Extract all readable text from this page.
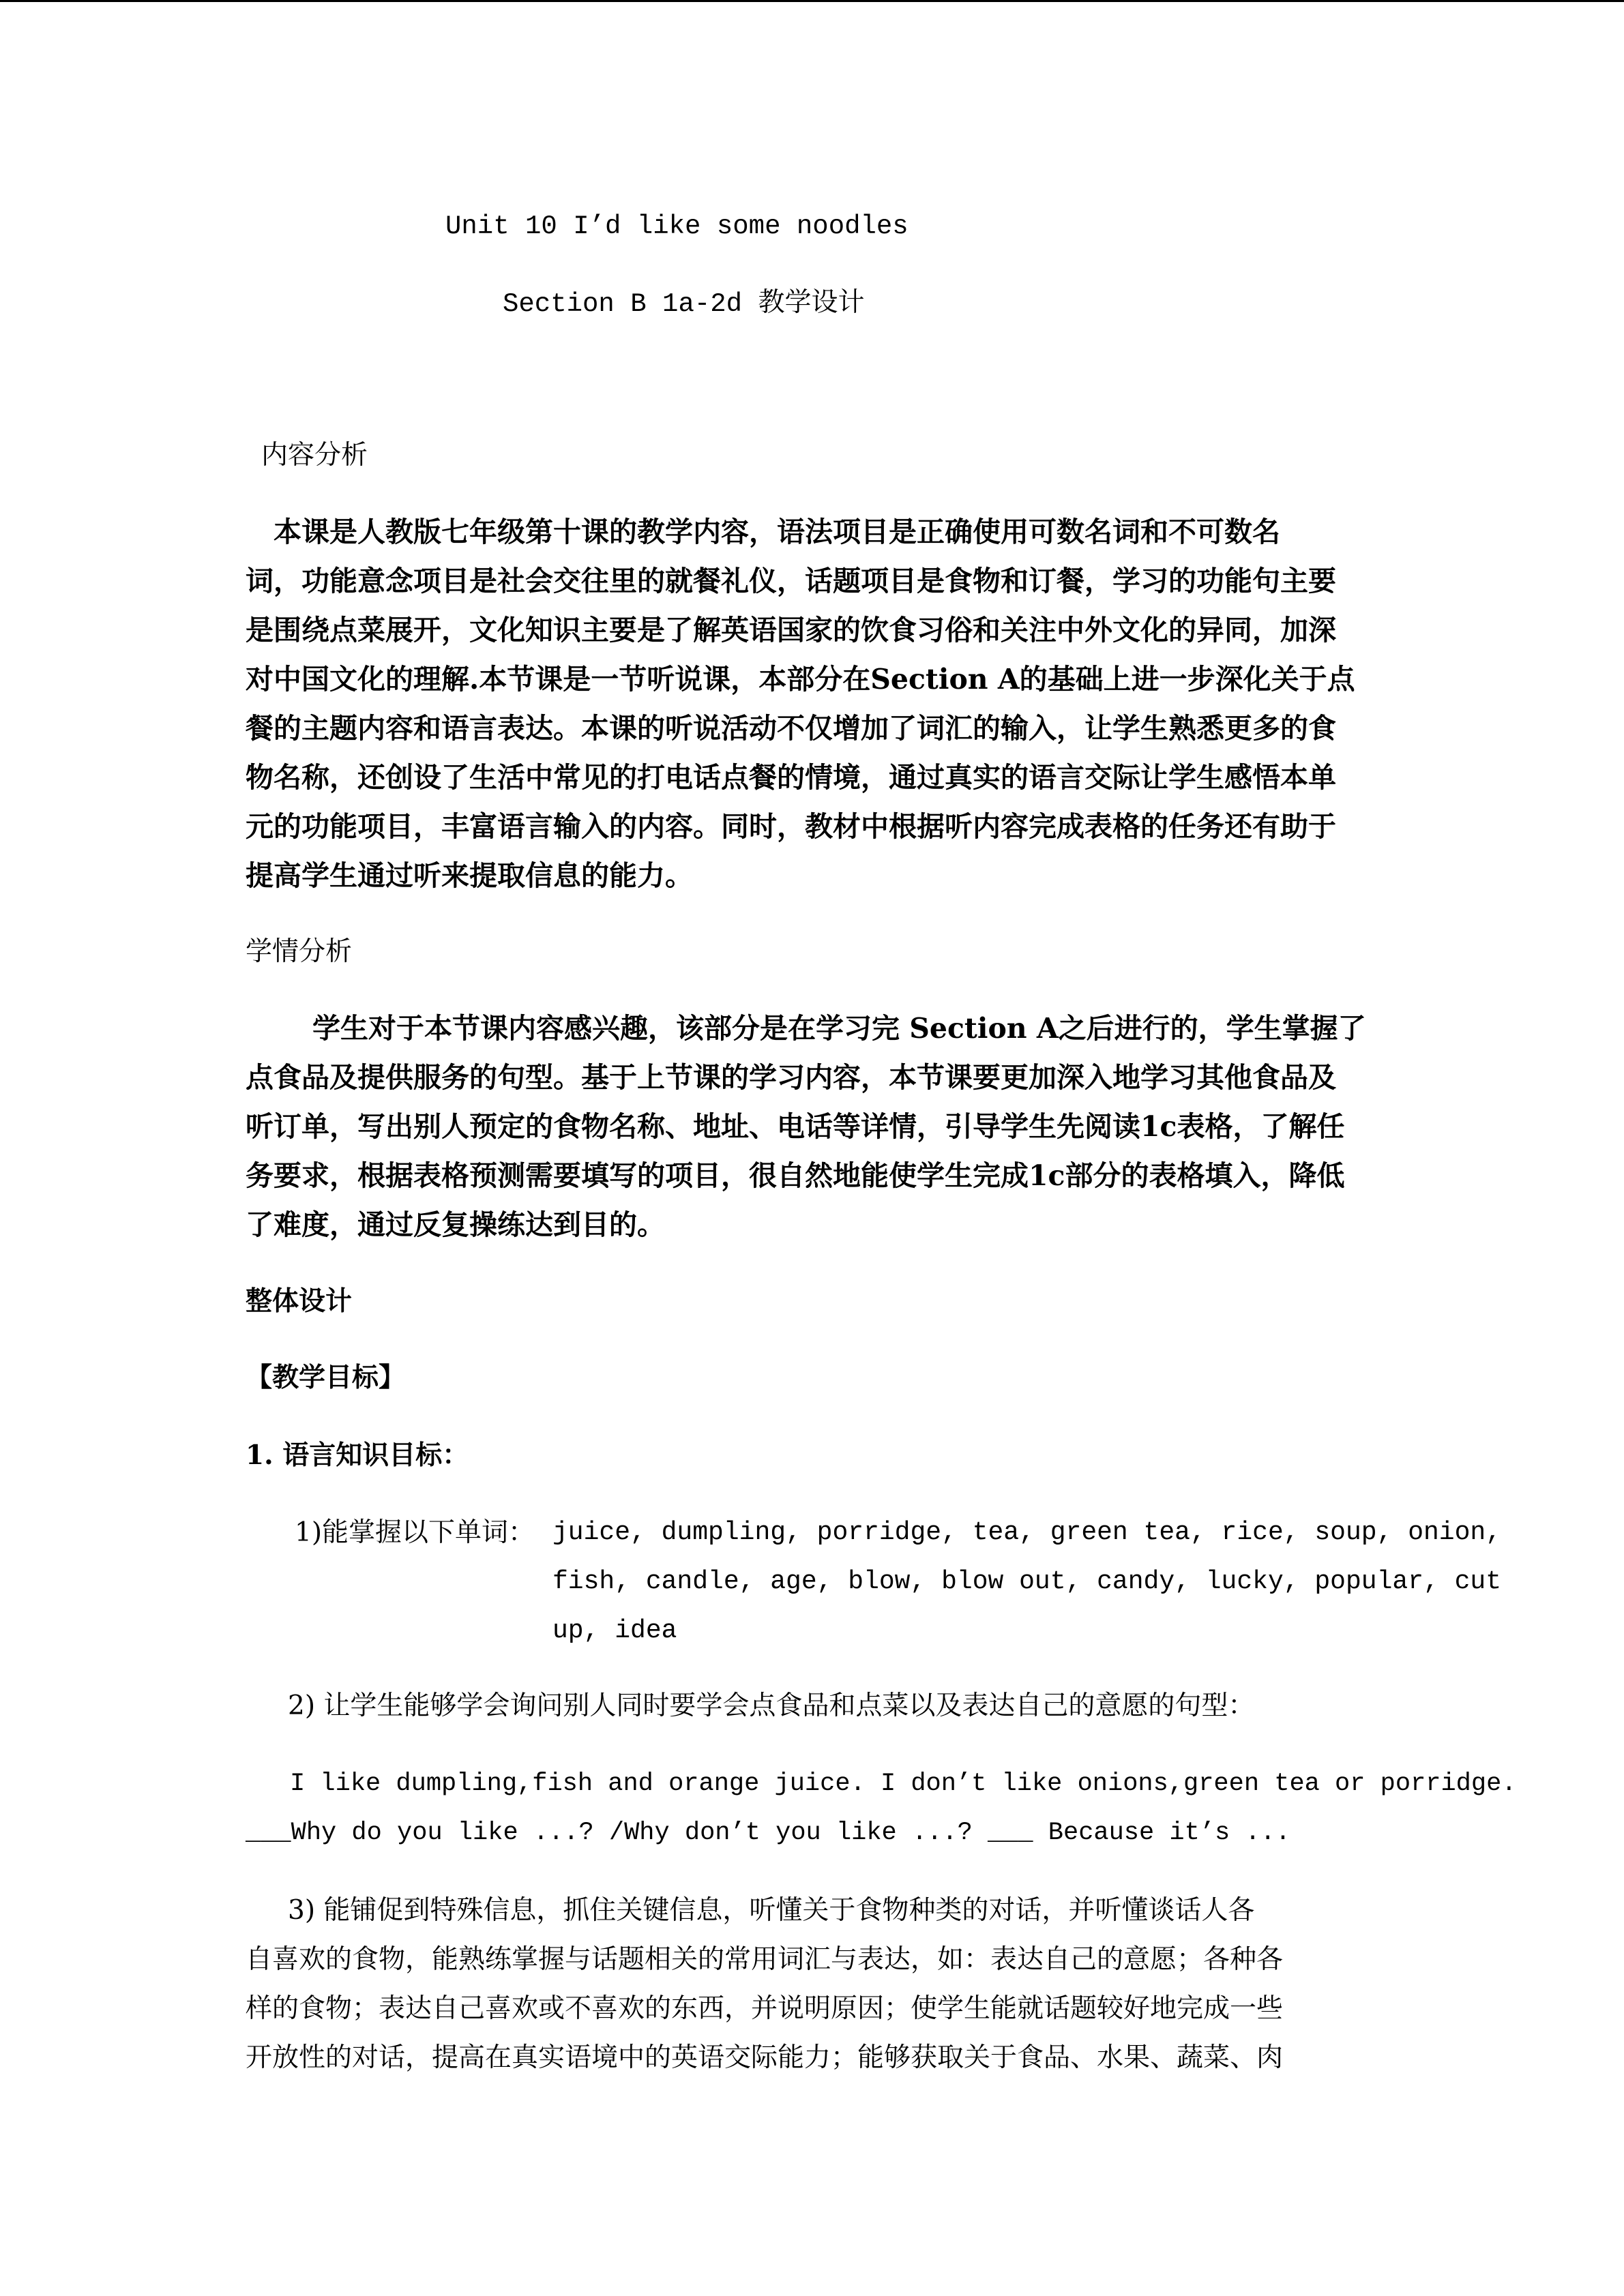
Unit 10 I’d like some noodles
Section B 1a-2d 教学设计
内容分析
　本课是人教版七年级第十课的教学内容，语法项目是正确使用可数名词和不可数名
词，功能意念项目是社会交往里的就餐礼仪，话题项目是食物和订餐，学习的功能句主要
是围绕点菜展开，文化知识主要是了解英语国家的饮食习俗和关注中外文化的异同，加深
对中国文化的理解.本节课是一节听说课，本部分在Section A的基础上进一步深化关于点
餐的主题内容和语言表达。本课的听说活动不仅增加了词汇的输入，让学生熟悉更多的食
物名称，还创设了生活中常见的打电话点餐的情境，通过真实的语言交际让学生感悟本单
元的功能项目，丰富语言输入的内容。同时，教材中根据听内容完成表格的任务还有助于
提高学生通过听来提取信息的能力。
学情分析
学生对于本节课内容感兴趣，该部分是在学习完 Section A之后进行的，学生掌握了
点食品及提供服务的句型。基于上节课的学习内容，本节课要更加深入地学习其他食品及
听订单，写出别人预定的食物名称、地址、电话等详情，引导学生先阅读1c表格，了解任
务要求，根据表格预测需要填写的项目，很自然地能使学生完成1c部分的表格填入，降低
了难度，通过反复操练达到目的。
整体设计
【教学目标】
1. 语言知识目标：
1)能掌握以下单词： juice, dumpling, porridge, tea, green tea, rice, soup, onion,
fish, candle, age, blow, blow out, candy, lucky, popular, cut
up, idea
2) 让学生能够学会询问别人同时要学会点食品和点菜以及表达自己的意愿的句型：
I like dumpling,fish and orange juice. I don’t like onions,green tea or porridge.
___Why do you like ...? /Why don’t you like ...? ___ Because it’s ...
3) 能铺促到特殊信息，抓住关键信息，听懂关于食物种类的对话，并听懂谈话人各
自喜欢的食物，能熟练掌握与话题相关的常用词汇与表达，如：表达自己的意愿；各种各
样的食物；表达自己喜欢或不喜欢的东西，并说明原因；使学生能就话题较好地完成一些
开放性的对话，提高在真实语境中的英语交际能力；能够获取关于食品、水果、蔬菜、肉
